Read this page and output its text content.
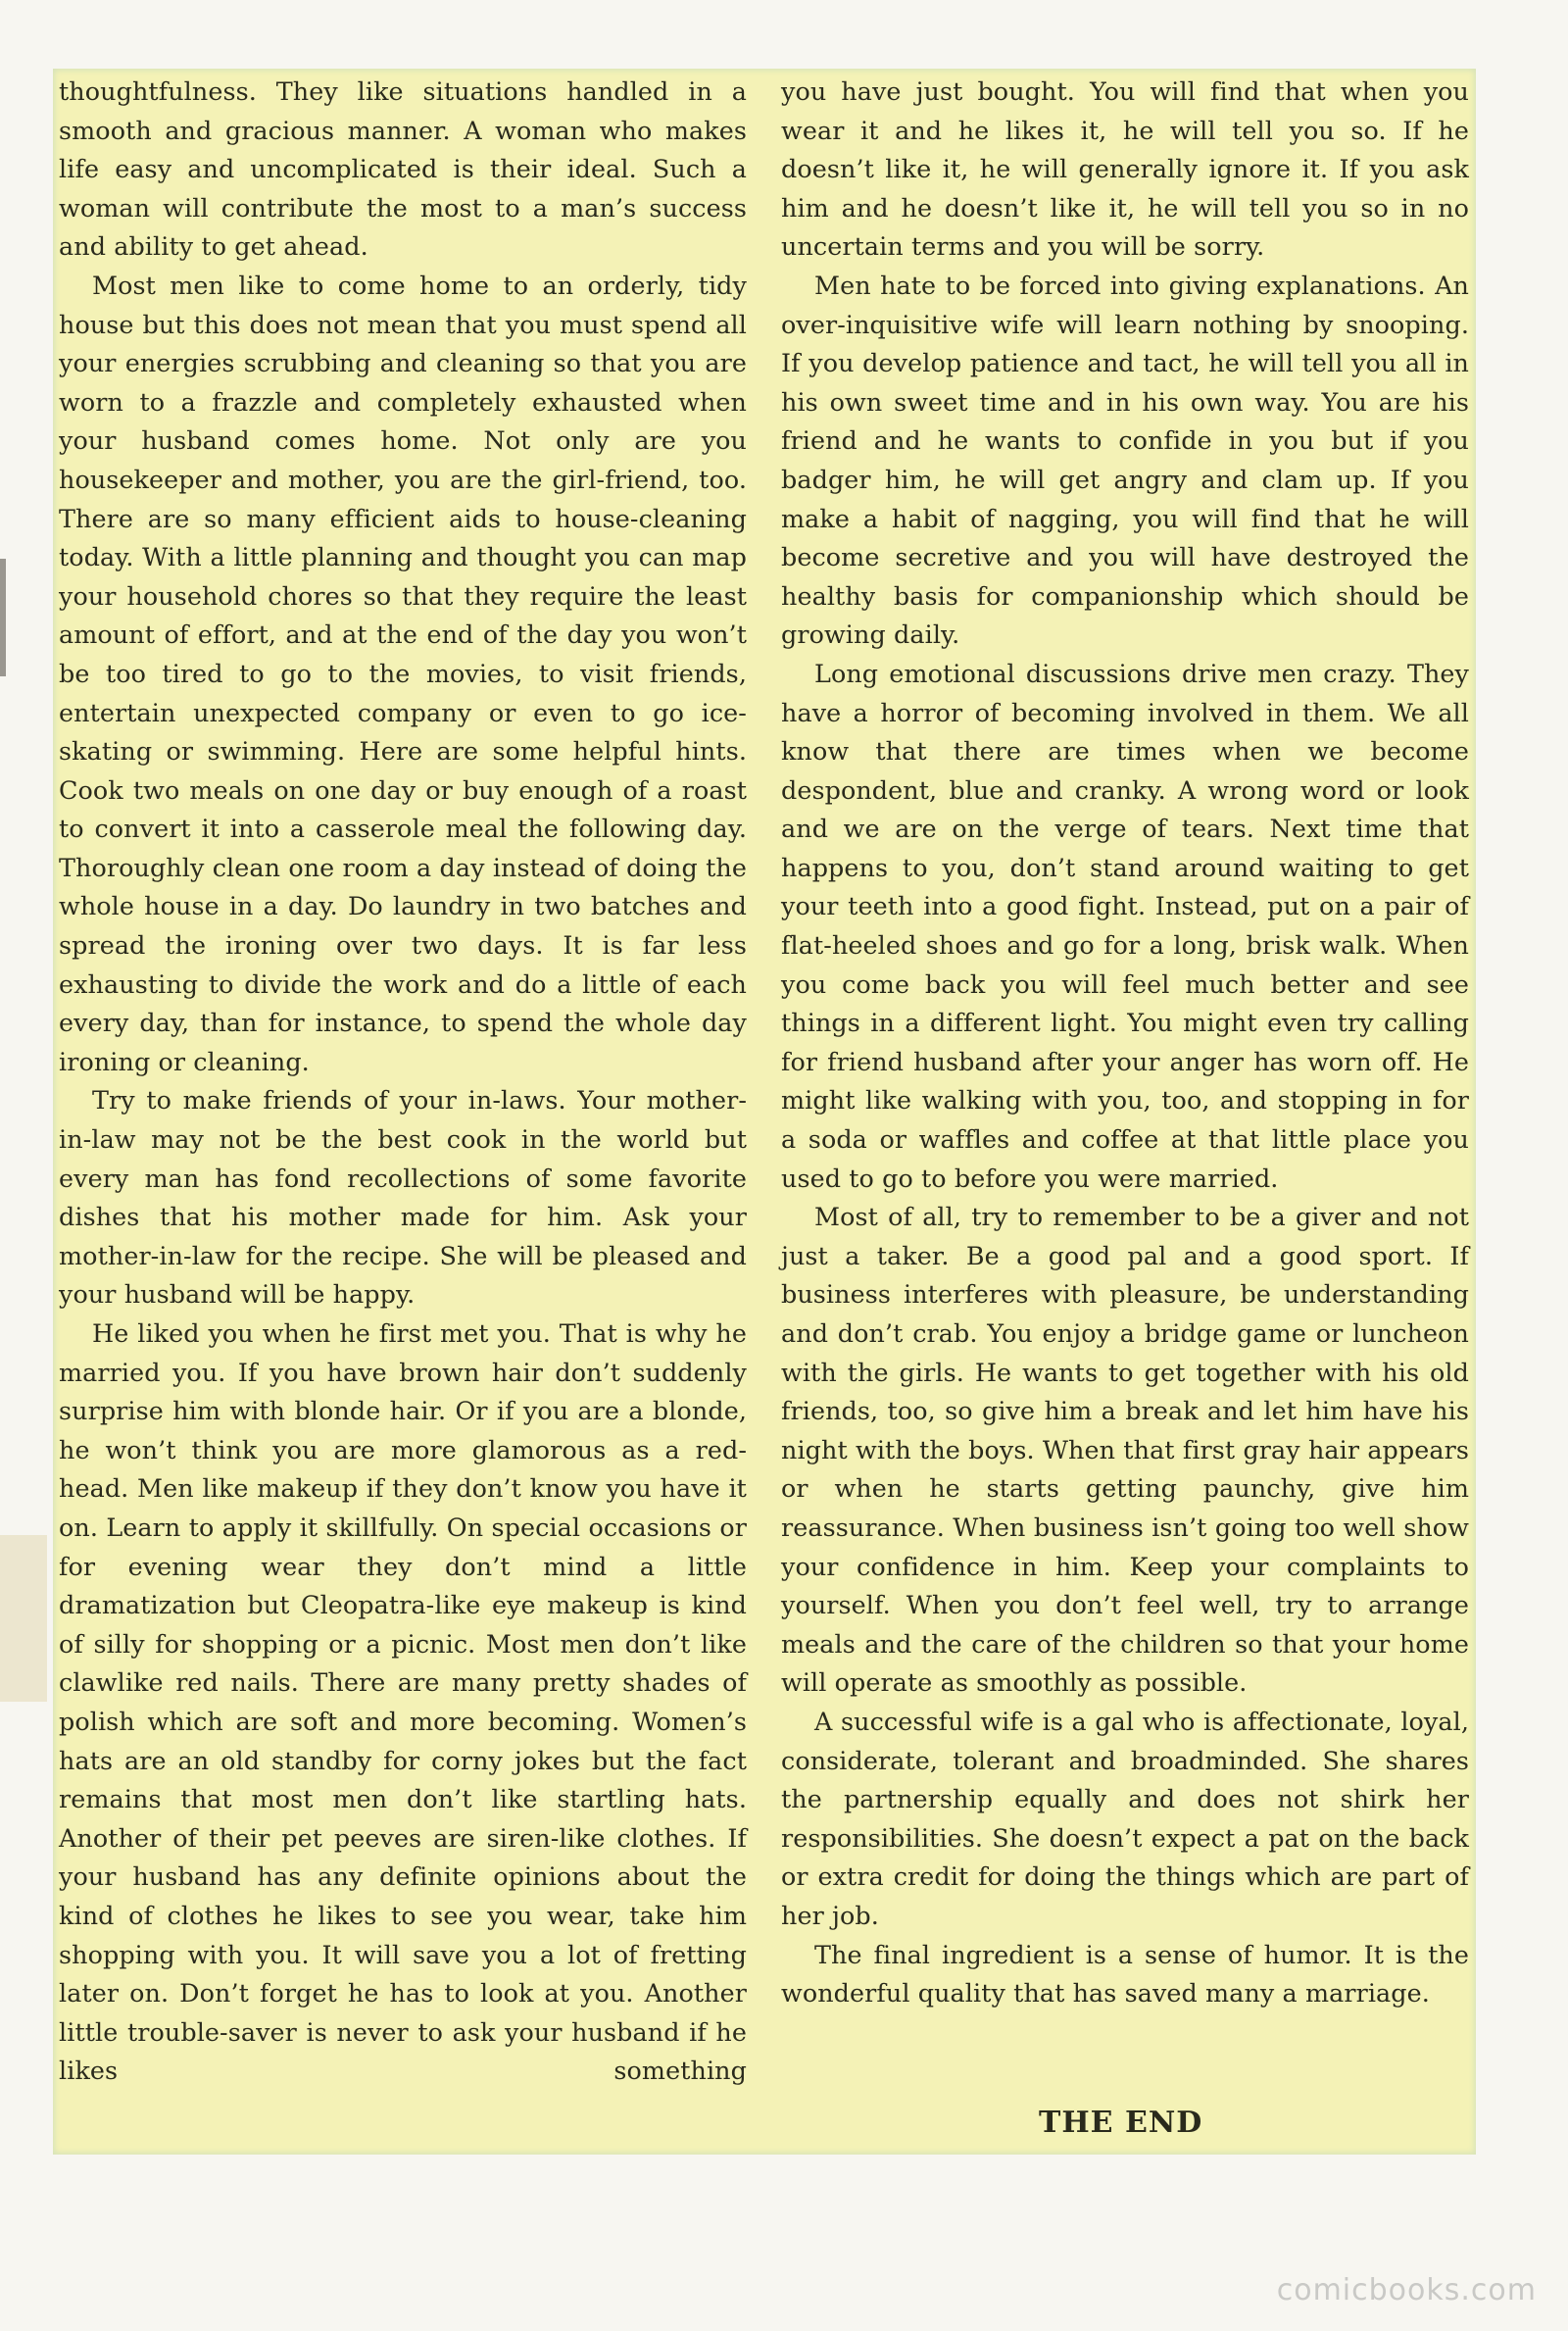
thoughtfulness. They like situations handled in a smooth and gracious manner. A woman who makes life easy and uncomplicated is their ideal. Such a woman will contribute the most to a man’s success and ability to get ahead.

Most men like to come home to an orderly, tidy house but this does not mean that you must spend all your energies scrubbing and cleaning so that you are worn to a frazzle and completely exhausted when your husband comes home. Not only are you housekeeper and mother, you are the girl-friend, too. There are so many efficient aids to house-cleaning today. With a little planning and thought you can map your household chores so that they require the least amount of effort, and at the end of the day you won’t be too tired to go to the movies, to visit friends, entertain unexpected company or even to go ice-skating or swimming. Here are some helpful hints. Cook two meals on one day or buy enough of a roast to convert it into a casserole meal the following day. Thoroughly clean one room a day instead of doing the whole house in a day. Do laundry in two batches and spread the ironing over two days. It is far less exhausting to divide the work and do a little of each every day, than for instance, to spend the whole day ironing or cleaning.

Try to make friends of your in-laws. Your mother-in-law may not be the best cook in the world but every man has fond recollections of some favorite dishes that his mother made for him. Ask your mother-in-law for the recipe. She will be pleased and your husband will be happy.

He liked you when he first met you. That is why he married you. If you have brown hair don’t suddenly surprise him with blonde hair. Or if you are a blonde, he won’t think you are more glamorous as a red-head. Men like makeup if they don’t know you have it on. Learn to apply it skillfully. On special occasions or for evening wear they don’t mind a little dramatization but Cleopatra-like eye makeup is kind of silly for shopping or a picnic. Most men don’t like clawlike red nails. There are many pretty shades of polish which are soft and more becoming. Women’s hats are an old standby for corny jokes but the fact remains that most men don’t like startling hats. Another of their pet peeves are siren-like clothes. If your husband has any definite opinions about the kind of clothes he likes to see you wear, take him shopping with you. It will save you a lot of fretting later on. Don’t forget he has to look at you. Another little trouble-saver is never to ask your husband if he likes something

you have just bought. You will find that when you wear it and he likes it, he will tell you so. If he doesn’t like it, he will generally ignore it. If you ask him and he doesn’t like it, he will tell you so in no uncertain terms and you will be sorry.

Men hate to be forced into giving explanations. An over-inquisitive wife will learn nothing by snooping. If you develop patience and tact, he will tell you all in his own sweet time and in his own way. You are his friend and he wants to confide in you but if you badger him, he will get angry and clam up. If you make a habit of nagging, you will find that he will become secretive and you will have destroyed the healthy basis for companionship which should be growing daily.

Long emotional discussions drive men crazy. They have a horror of becoming involved in them. We all know that there are times when we become despondent, blue and cranky. A wrong word or look and we are on the verge of tears. Next time that happens to you, don’t stand around waiting to get your teeth into a good fight. Instead, put on a pair of flat-heeled shoes and go for a long, brisk walk. When you come back you will feel much better and see things in a different light. You might even try calling for friend husband after your anger has worn off. He might like walking with you, too, and stopping in for a soda or waffles and coffee at that little place you used to go to before you were married.

Most of all, try to remember to be a giver and not just a taker. Be a good pal and a good sport. If business interferes with pleasure, be understanding and don’t crab. You enjoy a bridge game or luncheon with the girls. He wants to get together with his old friends, too, so give him a break and let him have his night with the boys. When that first gray hair appears or when he starts getting paunchy, give him reassurance. When business isn’t going too well show your confidence in him. Keep your complaints to yourself. When you don’t feel well, try to arrange meals and the care of the children so that your home will operate as smoothly as possible.

A successful wife is a gal who is affectionate, loyal, considerate, tolerant and broadminded. She shares the partnership equally and does not shirk her responsibilities. She doesn’t expect a pat on the back or extra credit for doing the things which are part of her job.

The final ingredient is a sense of humor. It is the wonderful quality that has saved many a marriage.

THE END
comicbooks.com
